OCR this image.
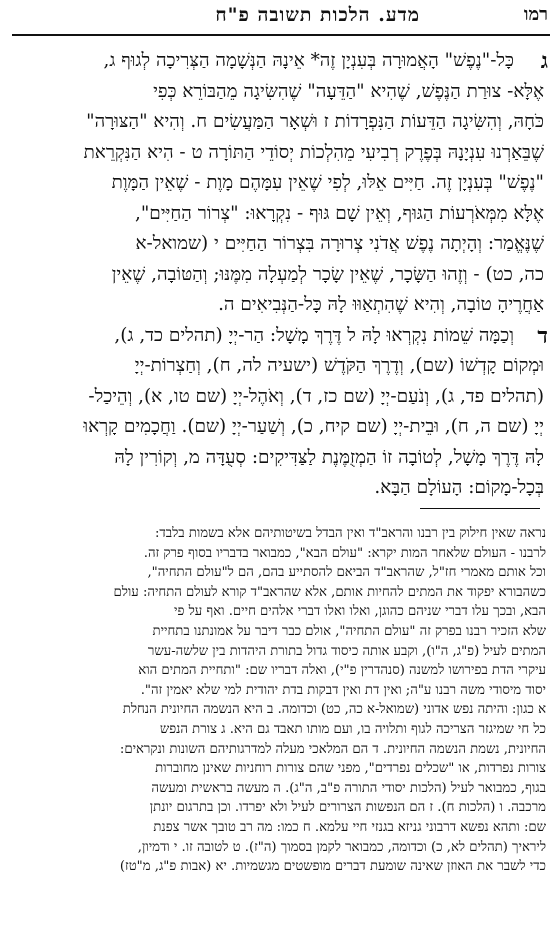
רמו
מדע. הלכות תשובה פ"ח
ג
כָּל-"נֶפֶשׁ" הָאֲמוּרָה בְּעִנְיָן זֶה* אֵינָהּ הַנְּשָׁמָה הַצְּרִיכָה לְגוּף ג,
אֶלָּא- צוּרַת הַנֶּפֶשׁ, שֶׁהִיא "הַדֵּעָה" שֶׁהִשִּׂיגָה מֵהַבּוֹרֵא כְּפִי
כֹּחָהּ, וְהִשִּׂיגָה הַדֵּעוֹת הַנִּפְרָדוֹת ז וּשְׁאָר הַמַּעֲשִׂים ח. וְהִיא "הַצּוּרָה"
שֶׁבֵּאַרְנוּ עִנְיָנָהּ בְּפֶרֶק רְבִיעִי מֵהִלְכוֹת יְסוֹדֵי הַתּוֹרָה ט - הִיא הַנִּקְרֵאת
"נֶפֶשׁ" בְּעִנְיָן זֶה. חַיִּים אֵלּוּ, לְפִי שֶׁאֵין עִמָּהֶם מָוֶת - שֶׁאֵין הַמָּוֶת
אֶלָּא מִמְּאֹרְעוֹת הַגּוּף, וְאֵין שָׁם גּוּף - נִקְרָאוּ: "צְרוֹר הַחַיִּים",
שֶׁנֶּאֱמַר: וְהָיְתָה נֶפֶשׁ אֲדֹנִי צְרוּרָה בִּצְרוֹר הַחַיִּים י (שמואל-א
כה, כט) - וְזֶהוּ הַשָּׂכָר, שֶׁאֵין שָׂכָר לְמַעְלָה מִמֶּנּוּ; וְהַטּוֹבָה, שֶׁאֵין
אַחֲרֶיהָ טוֹבָה, וְהִיא שֶׁהִתְאַוּוּ לָהּ כָּל-הַנְּבִיאִים ה.
ד
וְכַמָּה שֵׁמוֹת נִקְרְאוּ לָהּ ל דֶּרֶךְ מָשָׁל: הַר-יְיָ (תהלים כד, ג),
וּמְקוֹם קָדְשׁוֹ (שם), וְדֶרֶךְ הַקֹּדֶשׁ (ישעיה לה, ח), וְחַצְרוֹת-יְיָ
(תהלים פד, ג), וְנֹעַם-יְיָ (שם כז, ד), וְאֹהֶל-יְיָ (שם טו, א), וְהֵיכַל-
יְיָ (שם ה, ח), וּבֵית-יְיָ (שם קיח, כ), וְשַׁעַר-יְיָ (שם). וַחֲכָמִים קָרְאוּ
לָהּ דֶּרֶךְ מָשָׁל, לְטוֹבָה זוֹ הַמְזֻמֶּנֶת לַצַּדִּיקִים: סְעֻדָּה מ, וְקוֹרִין לָהּ
בְּכָל-מָקוֹם: הָעוֹלָם הַבָּא.

נראה שאין חילוק בין רבנו והראב"ד ואין הבדל בשיטותיהם אלא בשמות בלבד:

לרבנו - העולם שלאחר המות יקרא: "עולם הבא", כמבואר בדבריו בסוף פרק זה.

וכל אותם מאמרי חז"ל, שהראב"ד הביאם להסתייע בהם, הם ל"עולם התחיה",

כשהבורא יפקוד את המתים להחיות אותם, אלא שהראב"ד קורא לעולם התחיה: עולם

הבא, ובכך עלו דברי שניהם כהוגן, ואלו ואלו דברי אלהים חיים. ואף על פי

שלא הזכיר רבנו בפרק זה "עולם התחיה", אולם כבר דיבר על אמונתנו בתחיית

המתים לעיל (פ"ג, ה"ו), וקבע אותה כיסוד גדול בתורת היהדות בין שלשה-עשר

עיקרי הדת בפירושו למשנה (סנהדרין פ"י), ואלה דבריו שם: "ותחיית המתים הוא

יסוד מיסודי משה רבנו ע"ה; ואין דת ואין דבקות בדת יהודית למי שלא יאמין זה".

א כגון: והיתה נפש אדוני (שמואל-א כה, כט) וכדומה. ב היא הנשמה החיונית הנחלת

כל חי שמיגזר הצריכה לגוף ותלויה בו, ועם מותו תאבד גם היא. ג צורת הנפש

החיונית, נשמת הנשמה החיונית. ד הם המלאכי מעלה למדרגותיהם השונות ונקראים:

צורות נפרדות, או "שכלים נפרדים", מפני שהם צורות רוחניות שאינן מחוברות

בגוף, כמבואר לעיל (הלכות יסודי התורה פ"ב, ה"ג). ה מעשה בראשית ומעשה

מרכבה. ו (הלכות ח). ז הם הנפשות הצרורים לעיל ולא יפרדו. וכן בתרגום יונתן

שם: ותהא נפשא דרבוני גניזא בגנזי חיי עלמא. ח כמו: מה רב טובך אשר צפנת

ליראיך (תהלים לא, כ) וכדומה, כמבואר לקמן בסמוך (ה"ז). ט לטובה זו. י ודמיון,

כדי לשבר את האוזן שאינה שומעת דברים מופשטים מגשמיות. יא (אבות פ"ג, מ"טז)
